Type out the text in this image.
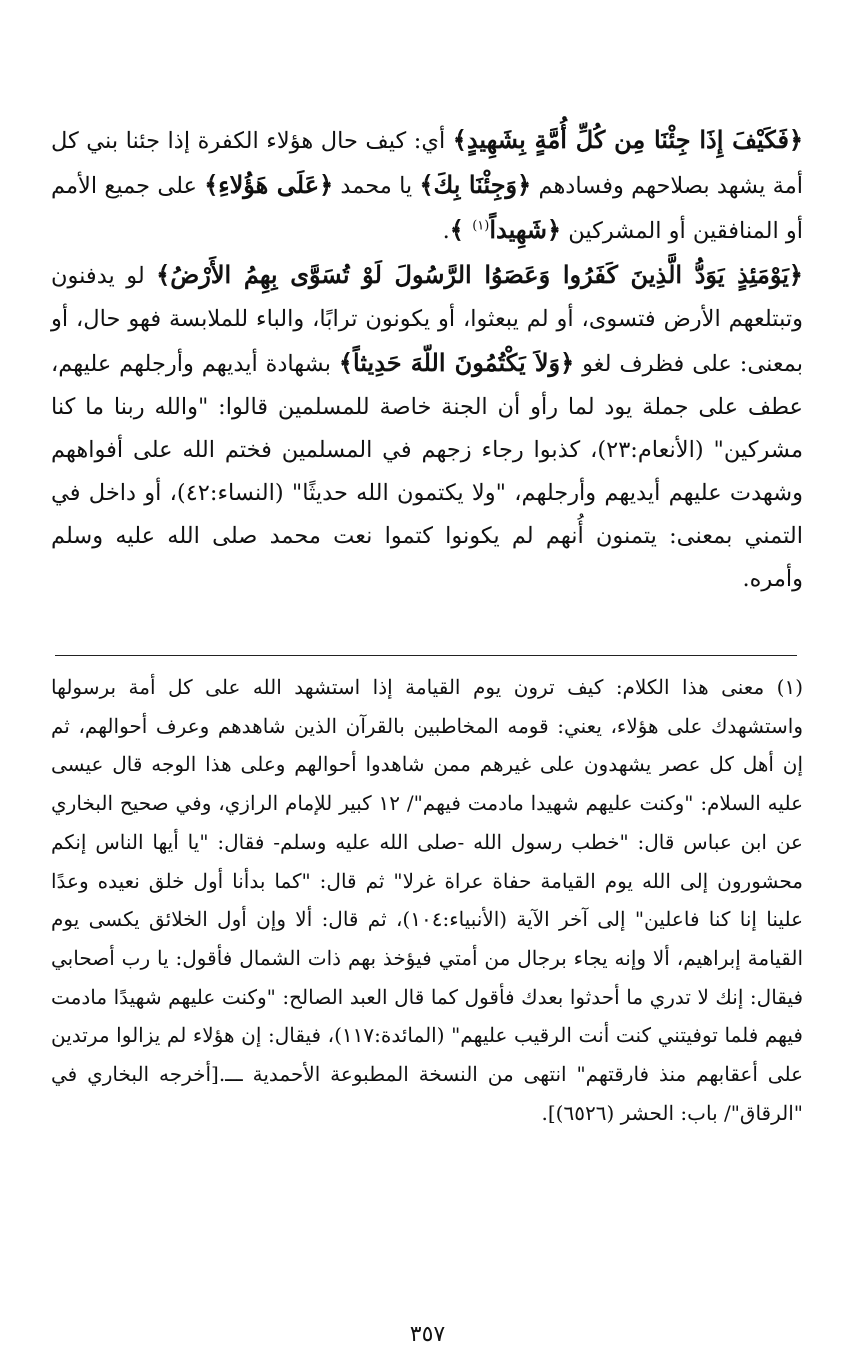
﴿فَكَيْفَ إِذَا جِئْنَا مِن كُلِّ أُمَّةٍ بِشَهِيدٍ﴾ أي: كيف حال هؤلاء الكفرة إذا جئنا بني كل أمة يشهد بصلاحهم وفسادهم ﴿وَجِئْنَا بِكَ﴾ يا محمد ﴿عَلَى هَؤُلاءِ﴾ على جميع الأمم أو المنافقين أو المشركين ﴿شَهِيداً$^{(١)}$ ﴾.

﴿يَوْمَئِذٍ يَوَدُّ الَّذِينَ كَفَرُوا وَعَصَوُا الرَّسُولَ لَوْ تُسَوَّى بِهِمُ الأَرْضُ﴾ لو يدفنون وتبتلعهم الأرض فتسوى، أو لم يبعثوا، أو يكونون ترابًا، والباء للملابسة فهو حال، أو بمعنى: على فظرف لغو ﴿وَلاَ يَكْتُمُونَ اللّهَ حَدِيثاً﴾ بشهادة أيديهم وأرجلهم عليهم، عطف على جملة يود لما رأو أن الجنة خاصة للمسلمين قالوا: "والله ربنا ما كنا مشركين" (الأنعام:٢٣)، كذبوا رجاء زجهم في المسلمين فختم الله على أفواههم وشهدت عليهم أيديهم وأرجلهم، "ولا يكتمون الله حديثًا" (النساء:٤٢)، أو داخل في التمني بمعنى: يتمنون أُنهم لم يكونوا كتموا نعت محمد صلى الله عليه وسلم وأمره.

(١) معنى هذا الكلام: كيف ترون يوم القيامة إذا استشهد الله على كل أمة برسولها واستشهدك على هؤلاء، يعني: قومه المخاطبين بالقرآن الذين شاهدهم وعرف أحوالهم، ثم إن أهل كل عصر يشهدون على غيرهم ممن شاهدوا أحوالهم وعلى هذا الوجه قال عيسى عليه السلام: "وكنت عليهم شهيدا مادمت فيهم"/ ١٢ كبير للإمام الرازي، وفي صحيح البخاري عن ابن عباس قال: "خطب رسول الله -صلى الله عليه وسلم- فقال: "يا أيها الناس إنكم محشورون إلى الله يوم القيامة حفاة عراة غرلا" ثم قال: "كما بدأنا أول خلق نعيده وعدًا علينا إنا كنا فاعلين" إلى آخر الآية (الأنبياء:١٠٤)، ثم قال: ألا وإن أول الخلائق يكسى يوم القيامة إبراهيم، ألا وإنه يجاء برجال من أمتي فيؤخذ بهم ذات الشمال فأقول: يا رب أصحابي فيقال: إنك لا تدري ما أحدثوا بعدك فأقول كما قال العبد الصالح: "وكنت عليهم شهيدًا مادمت فيهم فلما توفيتني كنت أنت الرقيب عليهم" (المائدة:١١٧)، فيقال: إن هؤلاء لم يزالوا مرتدين على أعقابهم منذ فارقتهم" انتهى من النسخة المطبوعة الأحمدية ـــ.[أخرجه البخاري في "الرقاق"/ باب: الحشر (٦٥٢٦)].

٣٥٧
